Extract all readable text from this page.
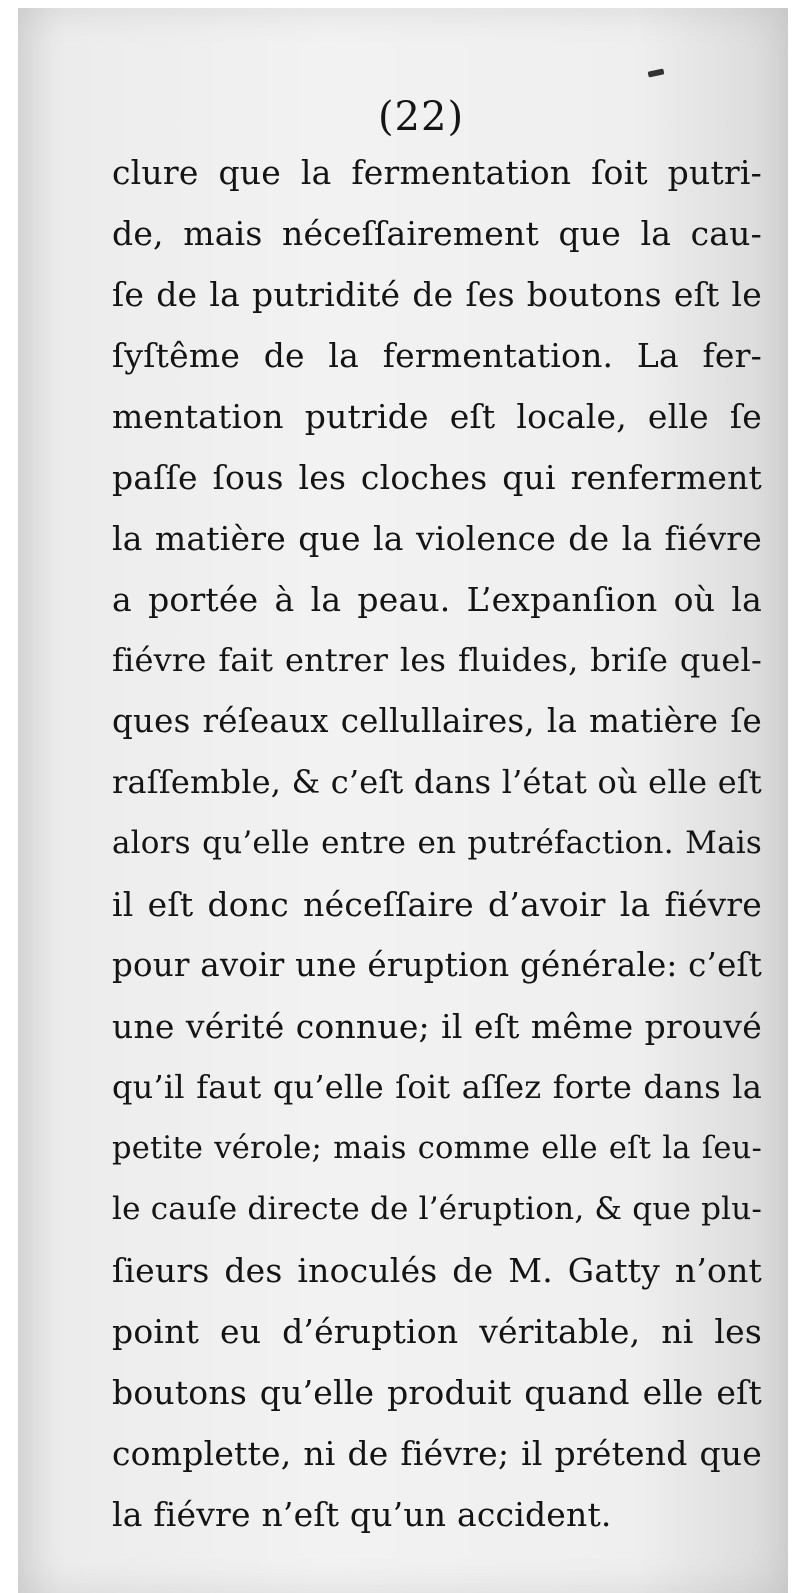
(22)
clure que la fermentation ſoit putri-
de, mais néceſſairement que la cau-
ſe de la putridité de ſes boutons eſt le
ſyſtême de la fermentation. La fer-
mentation putride eſt locale, elle ſe
paſſe ſous les cloches qui renferment
la matière que la violence de la fiévre
a portée à la peau. L’expanſion où la
fiévre fait entrer les fluides, briſe quel-
ques réſeaux cellullaires, la matière ſe
raſſemble, & c’eſt dans l’état où elle eſt
alors qu’elle entre en putréfaction. Mais
il eſt donc néceſſaire d’avoir la fiévre
pour avoir une éruption générale: c’eſt
une vérité connue; il eſt même prouvé
qu’il faut qu’elle ſoit aſſez forte dans la
petite vérole; mais comme elle eſt la ſeu-
le cauſe directe de l’éruption, & que plu-
ſieurs des inoculés de M. Gatty n’ont
point eu d’éruption véritable, ni les
boutons qu’elle produit quand elle eſt
complette, ni de fiévre; il prétend que
la fiévre n’eſt qu’un accident.
